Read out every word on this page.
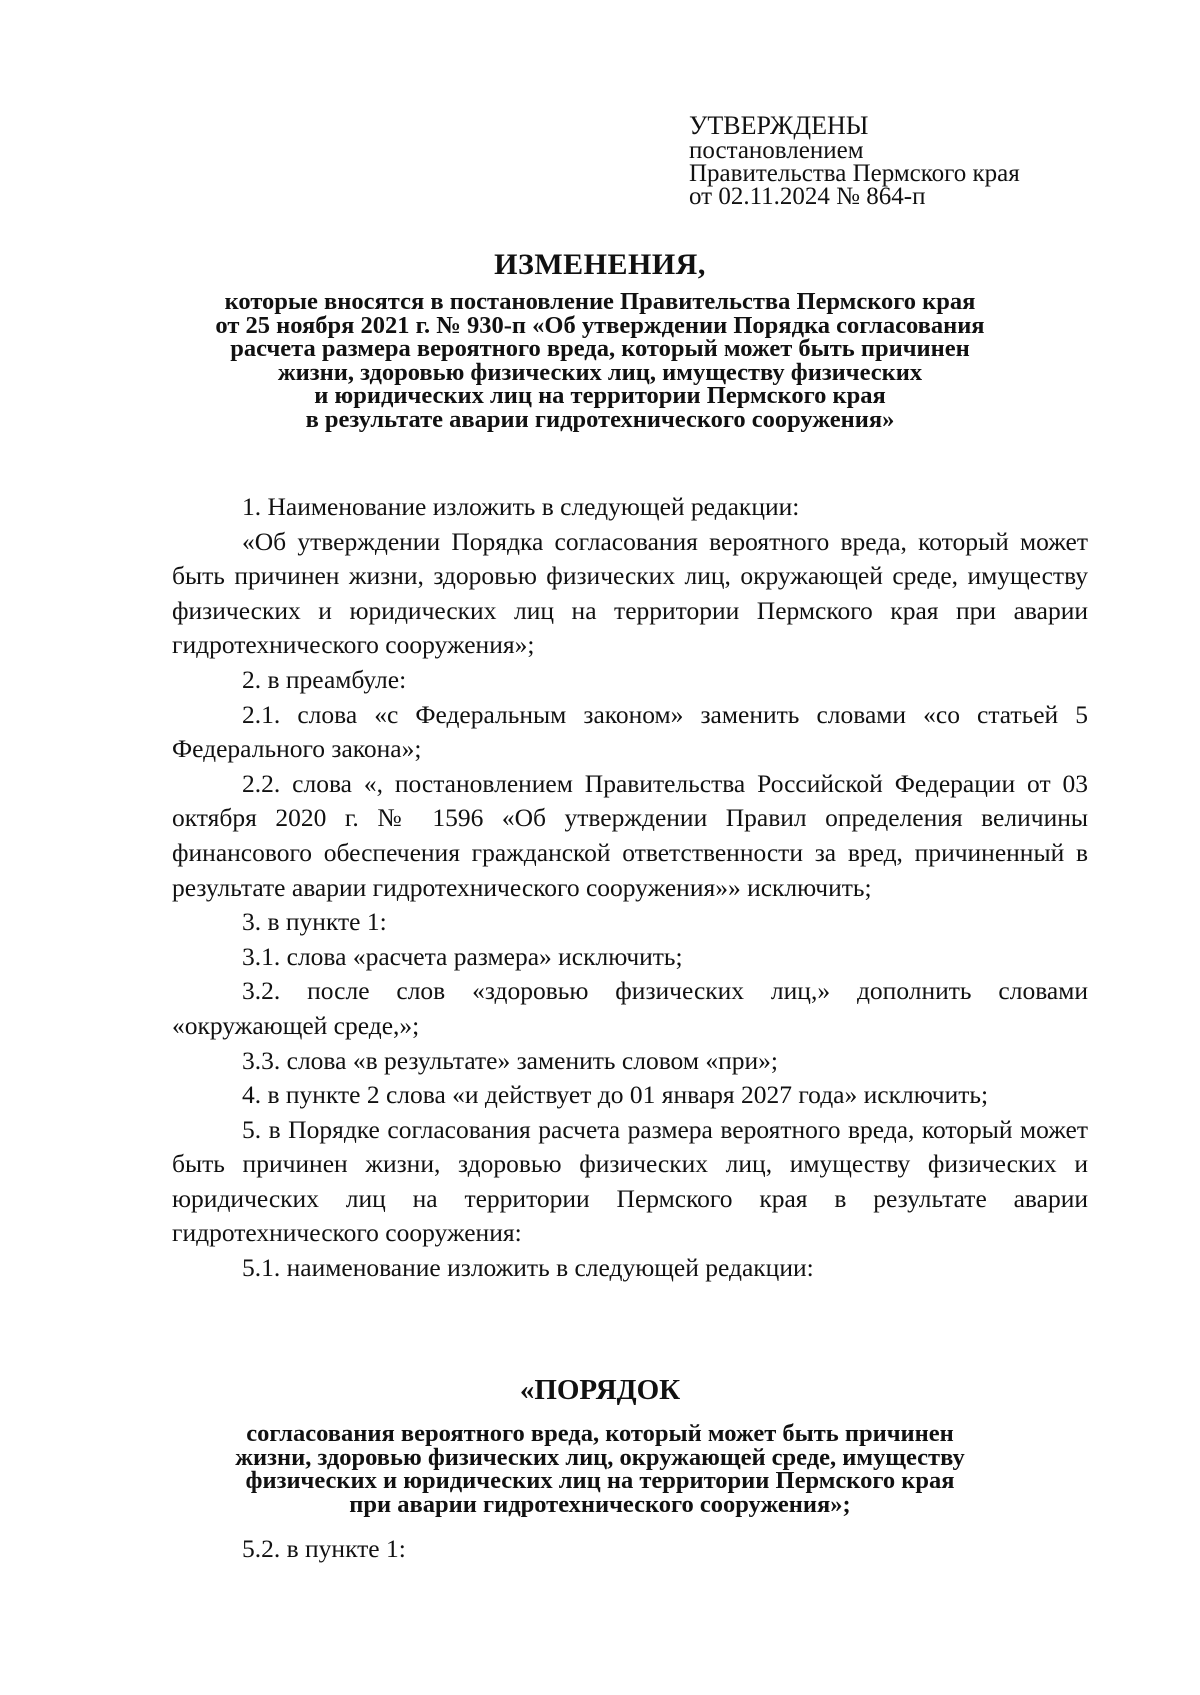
УТВЕРЖДЕНЫ
постановлением
Правительства Пермского края
от 02.11.2024 № 864-п
ИЗМЕНЕНИЯ,
которые вносятся в постановление Правительства Пермского края
от 25 ноября 2021 г. № 930-п «Об утверждении Порядка согласования
расчета размера вероятного вреда, который может быть причинен
жизни, здоровью физических лиц, имуществу физических
и юридических лиц на территории Пермского края
в результате аварии гидротехнического сооружения»

1. Наименование изложить в следующей редакции:

«Об утверждении Порядка согласования вероятного вреда, который может быть причинен жизни, здоровью физических лиц, окружающей среде, имуществу физических и юридических лиц на территории Пермского края при аварии гидротехнического сооружения»;

2. в преамбуле:

2.1. слова «с Федеральным законом» заменить словами «со статьей 5 Федерального закона»;

2.2. слова «, постановлением Правительства Российской Федерации от 03 октября 2020 г. № 1596 «Об утверждении Правил определения величины финансового обеспечения гражданской ответственности за вред, причиненный в результате аварии гидротехнического сооружения»» исключить;

3. в пункте 1:

3.1. слова «расчета размера» исключить;

3.2. после слов «здоровью физических лиц,» дополнить словами «окружающей среде,»;

3.3. слова «в результате» заменить словом «при»;

4. в пункте 2 слова «и действует до 01 января 2027 года» исключить;

5. в Порядке согласования расчета размера вероятного вреда, который может быть причинен жизни, здоровью физических лиц, имуществу физических и юридических лиц на территории Пермского края в результате аварии гидротехнического сооружения:

5.1. наименование изложить в следующей редакции:

«ПОРЯДОК
согласования вероятного вреда, который может быть причинен
жизни, здоровью физических лиц, окружающей среде, имуществу
физических и юридических лиц на территории Пермского края
при аварии гидротехнического сооружения»;

5.2. в пункте 1:
